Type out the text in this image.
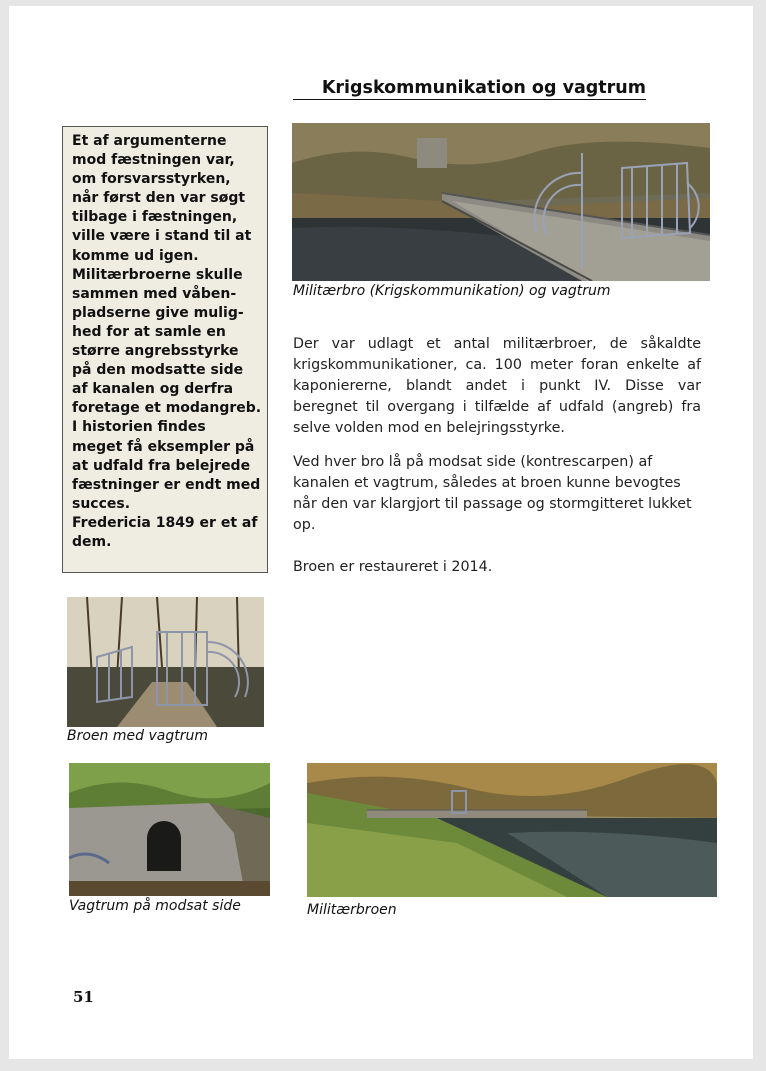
Krigskommunikation og vagtrum
Et af argumenterne
mod fæstningen var,
om forsvarsstyrken,
når først den var søgt
tilbage i fæstningen,
ville være i stand til at
komme ud igen.
Militærbroerne skulle
sammen med våben-
pladserne give mulig-
hed for at samle en
større angrebsstyrke
på den modsatte side
af kanalen og derfra
foretage et modangreb.
I historien findes
meget få eksempler på
at udfald fra belejrede
fæstninger er endt med
succes.
Fredericia 1849 er et af
dem.
Militærbro (Krigskommunikation) og vagtrum

Der var udlagt et antal militærbroer, de såkaldte krigskommunikationer, ca. 100 meter foran enkelte af kaponiererne, blandt andet i punkt IV. Disse var beregnet til overgang i tilfælde af udfald (angreb) fra selve volden mod en belejringsstyrke.

Ved hver bro lå på modsat side (kontrescarpen) af kanalen et vagtrum, således at broen kunne bevogtes når den var klargjort til passage og stormgitteret lukket op.

Broen er restaureret i 2014.

Broen med vagtrum
Vagtrum på modsat side	Militærbroen
51
